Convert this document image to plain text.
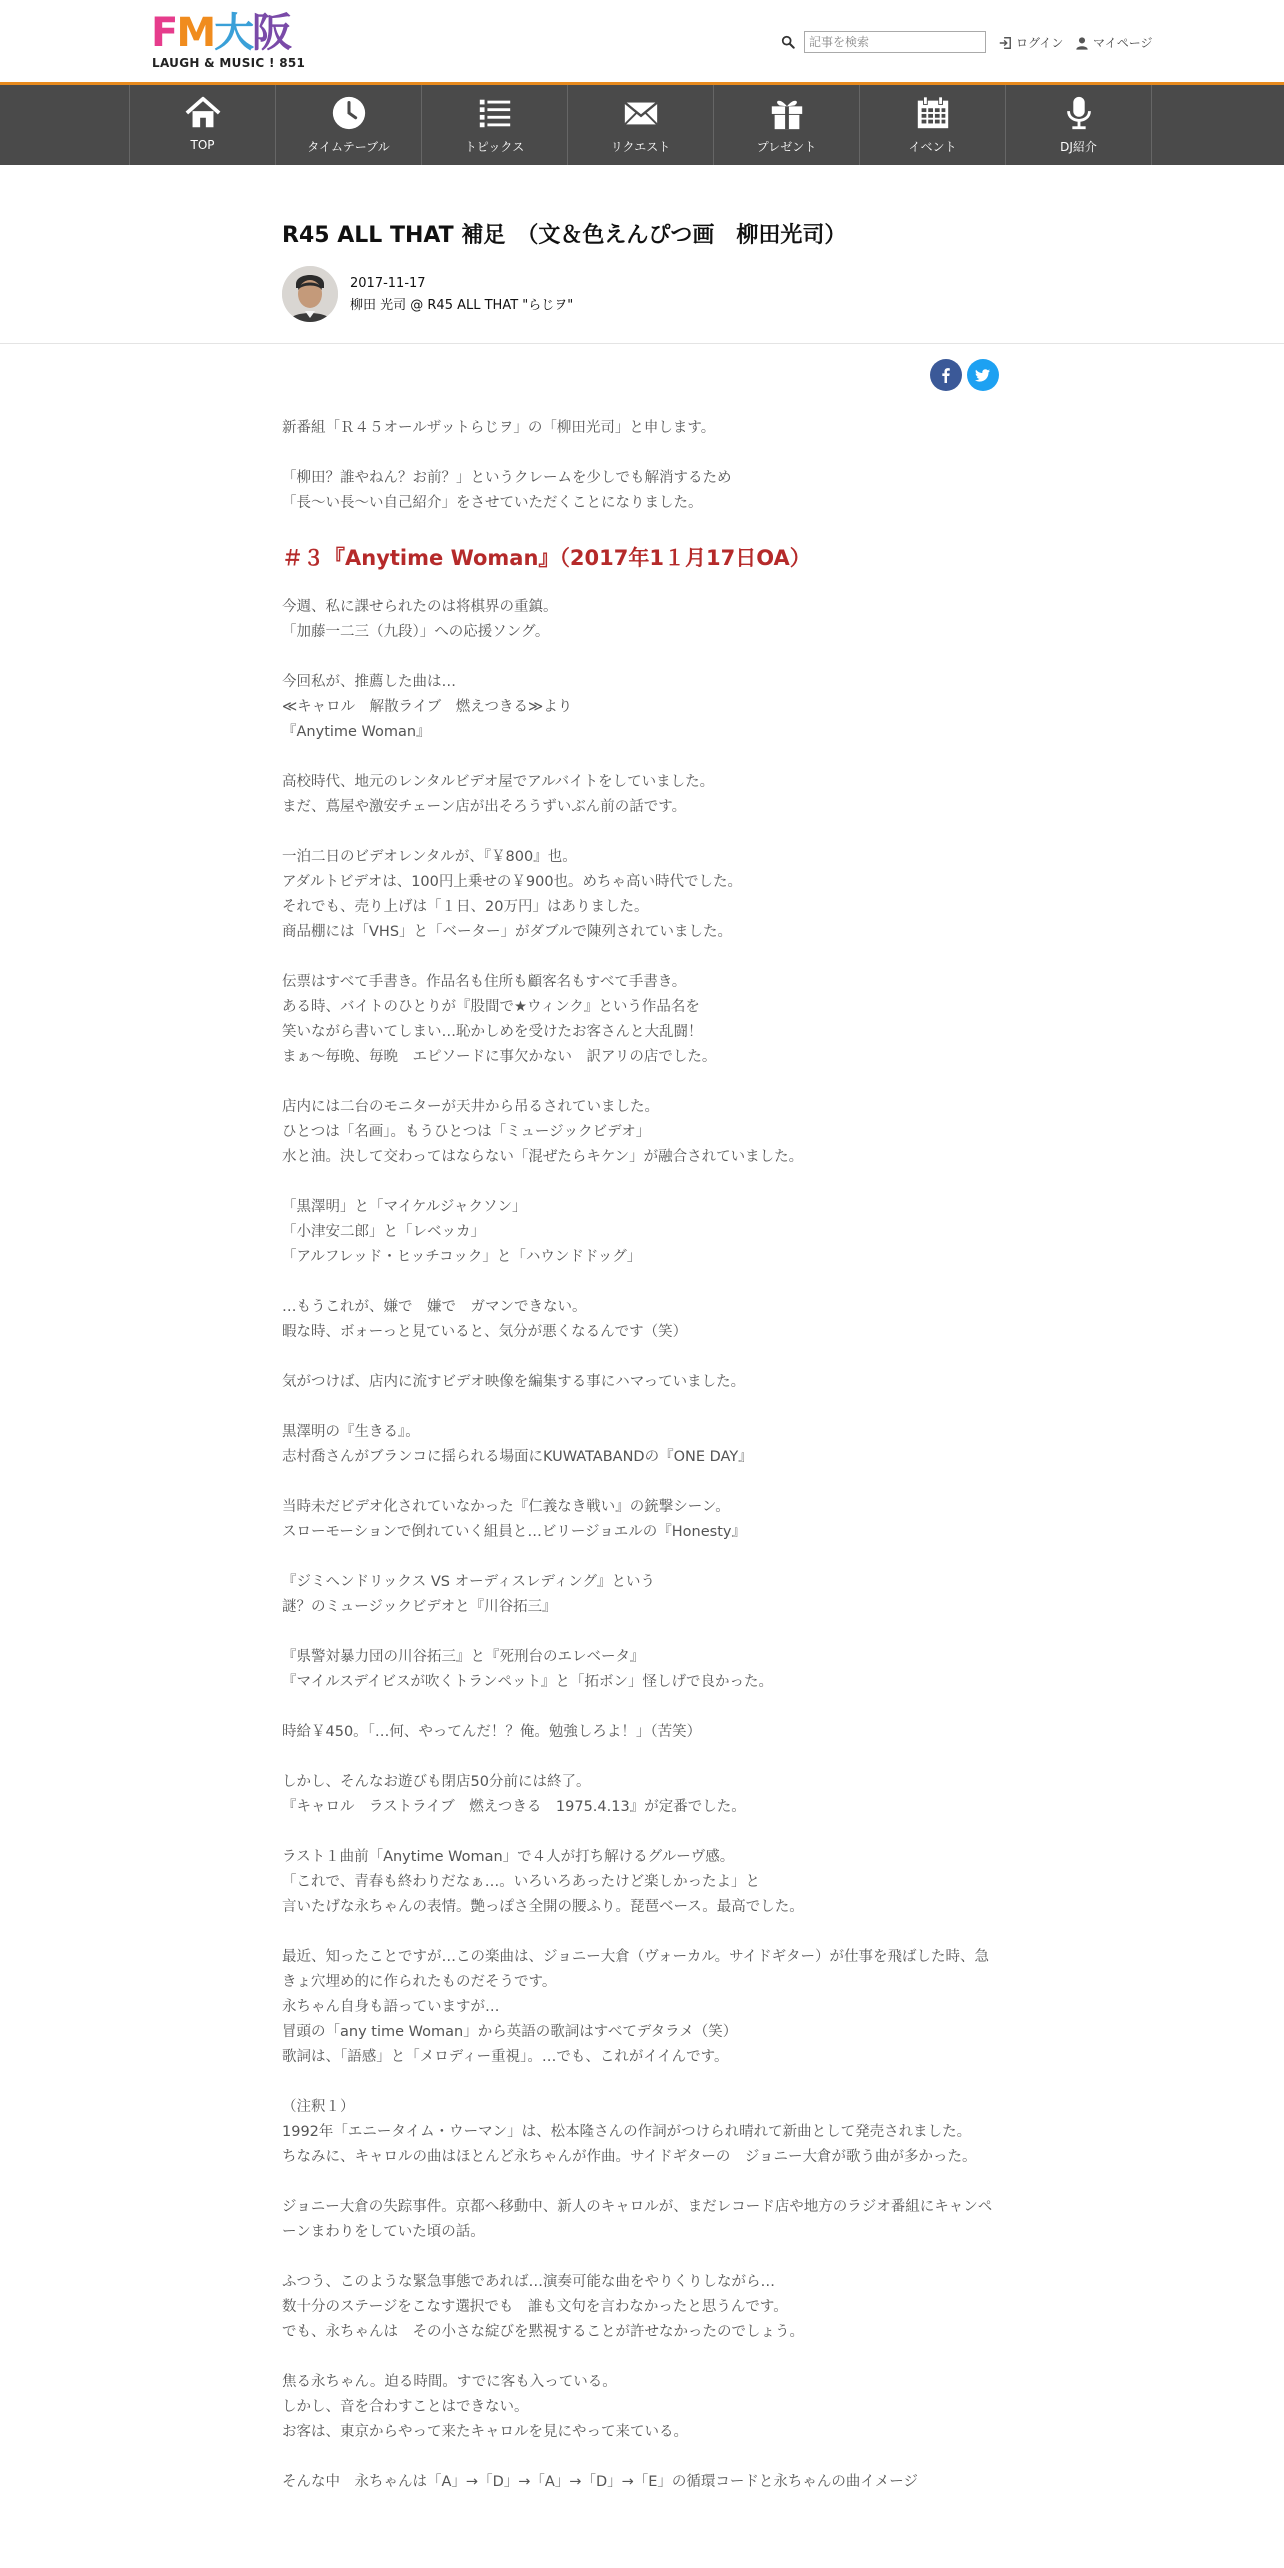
FM大阪
LAUGH & MUSIC ! 851
記事を検索
ログイン マイページ
TOP	タイムテーブル	トピックス	リクエスト	プレゼント	イベント	DJ紹介
R45 ALL THAT 補足　（文＆色えんぴつ画　柳田光司）
2017-11-17
柳田 光司 @ R45 ALL THAT "らじヲ"

新番組「Ｒ４５オールザットらじヲ」の「柳田光司」と申します。

「柳田？誰やねん？お前？」というクレームを少しでも解消するため
「長～い長～い自己紹介」をさせていただくことになりました。

＃３『Anytime Woman』（2017年1１月17日OA）

今週、私に課せられたのは将棋界の重鎮。
「加藤一二三（九段）」への応援ソング。

今回私が、推薦した曲は…
≪キャロル　解散ライブ　燃えつきる≫より
『Anytime Woman』

高校時代、地元のレンタルビデオ屋でアルバイトをしていました。
まだ、蔦屋や激安チェーン店が出そろうずいぶん前の話です。

一泊二日のビデオレンタルが、『￥800』也。
アダルトビデオは、100円上乗せの￥900也。めちゃ高い時代でした。
それでも、売り上げは「１日、20万円」はありました。
商品棚には「VHS」と「ベーター」がダブルで陳列されていました。

伝票はすべて手書き。作品名も住所も顧客名もすべて手書き。
ある時、バイトのひとりが『股間で★ウィンク』という作品名を
笑いながら書いてしまい…恥かしめを受けたお客さんと大乱闘！
まぁ～毎晩、毎晩　エピソードに事欠かない　訳アリの店でした。

店内には二台のモニターが天井から吊るされていました。
ひとつは「名画」。もうひとつは「ミュージックビデオ」
水と油。決して交わってはならない「混ぜたらキケン」が融合されていました。

「黒澤明」と「マイケルジャクソン」
「小津安二郎」と「レベッカ」
「アルフレッド・ヒッチコック」と「ハウンドドッグ」

…もうこれが、嫌で　嫌で　ガマンできない。
暇な時、ボォーっと見ていると、気分が悪くなるんです（笑）

気がつけば、店内に流すビデオ映像を編集する事にハマっていました。

黒澤明の『生きる』。
志村喬さんがブランコに揺られる場面にKUWATABANDの『ONE DAY』

当時未だビデオ化されていなかった『仁義なき戦い』の銃撃シーン。
スローモーションで倒れていく組員と…ビリージョエルの『Honesty』

『ジミヘンドリックス VS オーディスレディング』という
謎？のミュージックビデオと『川谷拓三』

『県警対暴力団の川谷拓三』と『死刑台のエレベータ』
『マイルスデイビスが吹くトランペット』と「拓ボン」怪しげで良かった。

時給￥450。「…何、やってんだ！？俺。勉強しろよ！」（苦笑）

しかし、そんなお遊びも閉店50分前には終了。
『キャロル　ラストライブ　燃えつきる　1975.4.13』が定番でした。

ラスト１曲前「Anytime Woman」で４人が打ち解けるグルーヴ感。
「これで、青春も終わりだなぁ…。いろいろあったけど楽しかったよ」と
言いたげな永ちゃんの表情。艶っぽさ全開の腰ふり。琵琶ベース。最高でした。

最近、知ったことですが…この楽曲は、ジョニー大倉（ヴォーカル。サイドギター）が仕事を飛ばした時、急きょ穴埋め的に作られたものだそうです。
永ちゃん自身も語っていますが…
冒頭の「any time Woman」から英語の歌詞はすべてデタラメ（笑）
歌詞は、「語感」と「メロディー重視」。…でも、これがイイんです。

（注釈１）
1992年「エニータイム・ウーマン」は、松本隆さんの作詞がつけられ晴れて新曲として発売されました。
ちなみに、キャロルの曲はほとんど永ちゃんが作曲。サイドギターの　ジョニー大倉が歌う曲が多かった。

ジョニー大倉の失踪事件。京都へ移動中、新人のキャロルが、まだレコード店や地方のラジオ番組にキャンペーンまわりをしていた頃の話。

ふつう、このような緊急事態であれば…演奏可能な曲をやりくりしながら…
数十分のステージをこなす選択でも　誰も文句を言わなかったと思うんです。
でも、永ちゃんは　その小さな綻びを黙視することが許せなかったのでしょう。

焦る永ちゃん。迫る時間。すでに客も入っている。
しかし、音を合わすことはできない。
お客は、東京からやって来たキャロルを見にやって来ている。

そんな中　永ちゃんは「A」→「D」→「A」→「D」→「E」の循環コードと永ちゃんの曲イメージ
